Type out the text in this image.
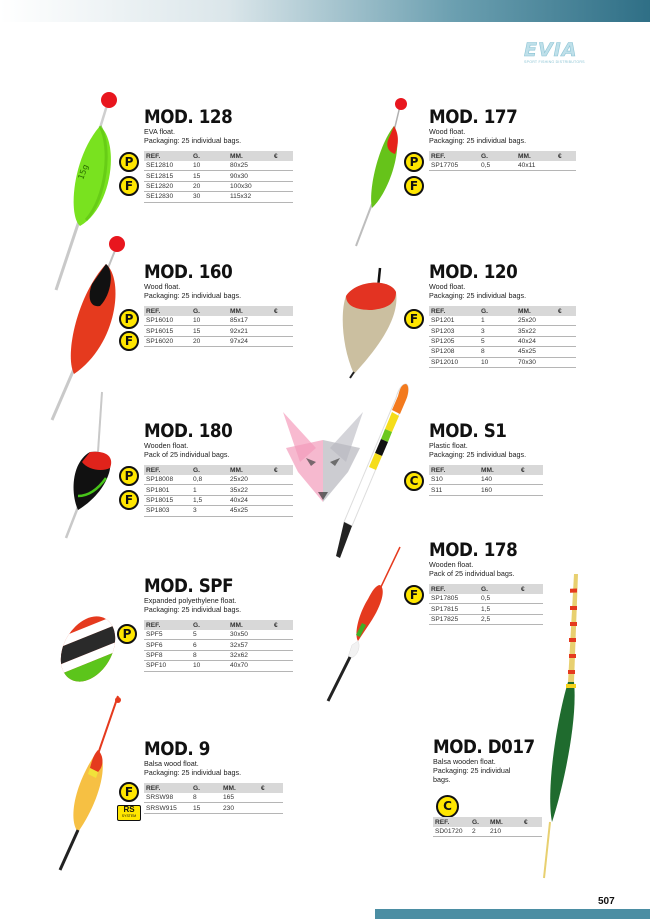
EVIA
SPORT FISHING DISTRIBUTORS
15g
P
F
MOD. 128
EVA float.
Packaging: 25 individual bags.
REF.	G.	MM.	€
SE12810	10	80x25	
SE12815	15	90x30	
SE12820	20	100x30	
SE12830	30	115x32	
P
F
MOD. 177
Wood float.
Packaging: 25 individual bags.
REF.	G.	MM.	€
SP17705	0,5	40x11	
P
F
MOD. 160
Wood float.
Packaging: 25 individual bags.
REF.	G.	MM.	€
SP16010	10	85x17	
SP16015	15	92x21	
SP16020	20	97x24	
F
MOD. 120
Wood float.
Packaging: 25 individual bags.
REF.	G.	MM.	€
SP1201	1	25x20	
SP1203	3	35x22	
SP1205	5	40x24	
SP1208	8	45x25	
SP12010	10	70x30	
P
F
MOD. 180
Wooden float.
Pack of 25 individual bags.
REF.	G.	MM.	€
SP18008	0,8	25x20	
SP1801	1	35x22	
SP18015	1,5	40x24	
SP1803	3	45x25	
C
MOD. S1
Plastic float.
Packaging: 25 individual bags.
REF.	MM.	€
S10	140	
S11	160	
F
MOD. 178
Wooden float.
Pack of 25 individual bags.
REF.	G.	€
SP17805	0,5	
SP17815	1,5	
SP17825	2,5	
P
MOD. SPF
Expanded polyethylene float.
Packaging: 25 individual bags.
REF.	G.	MM.	€
SPF5	5	30x50	
SPF6	6	32x57	
SPF8	8	32x62	
SPF10	10	40x70	
F
RS
SYSTEM
MOD. 9
Balsa wood float.
Packaging: 25 individual bags.
REF.	G.	MM.	€
SRSW98	8	165	
SRSW915	15	230		C
MOD. D017
Balsa wooden float.
Packaging: 25 individual
bags.
REF.	G.	MM.	€
SD01720	2	210	
507
